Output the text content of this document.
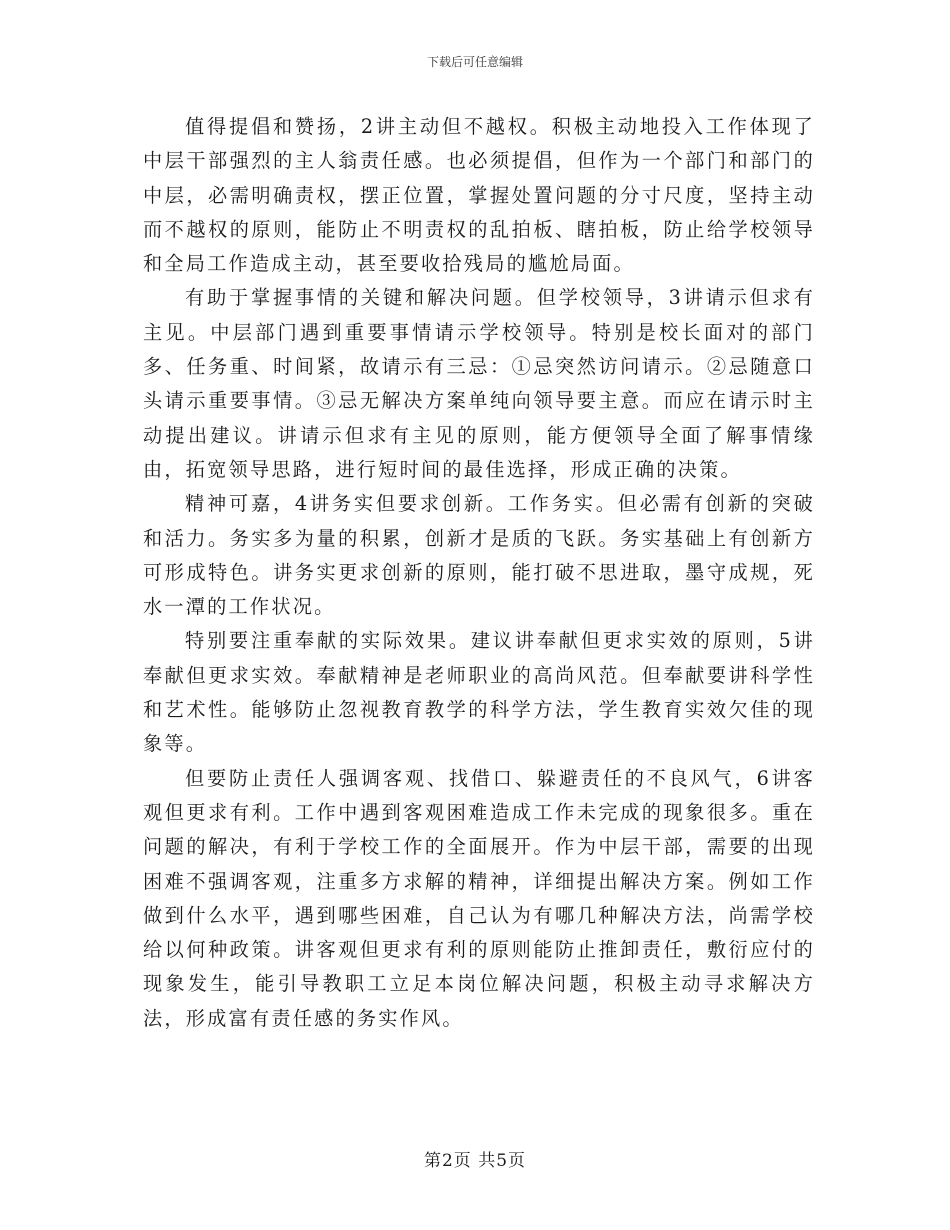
下载后可任意编辑

值得提倡和赞扬，2讲主动但不越权。积极主动地投入工作体现了中层干部强烈的主人翁责任感。也必须提倡，但作为一个部门和部门的中层，必需明确责权，摆正位置，掌握处置问题的分寸尺度，坚持主动而不越权的原则，能防止不明责权的乱拍板、瞎拍板，防止给学校领导和全局工作造成主动，甚至要收拾残局的尴尬局面。

有助于掌握事情的关键和解决问题。但学校领导，3讲请示但求有主见。中层部门遇到重要事情请示学校领导。特别是校长面对的部门多、任务重、时间紧，故请示有三忌：①忌突然访问请示。②忌随意口头请示重要事情。③忌无解决方案单纯向领导要主意。而应在请示时主动提出建议。讲请示但求有主见的原则，能方便领导全面了解事情缘由，拓宽领导思路，进行短时间的最佳选择，形成正确的决策。

精神可嘉，4讲务实但要求创新。工作务实。但必需有创新的突破和活力。务实多为量的积累，创新才是质的飞跃。务实基础上有创新方可形成特色。讲务实更求创新的原则，能打破不思进取，墨守成规，死水一潭的工作状况。

特别要注重奉献的实际效果。建议讲奉献但更求实效的原则，5讲奉献但更求实效。奉献精神是老师职业的高尚风范。但奉献要讲科学性和艺术性。能够防止忽视教育教学的科学方法，学生教育实效欠佳的现象等。

但要防止责任人强调客观、找借口、躲避责任的不良风气，6讲客观但更求有利。工作中遇到客观困难造成工作未完成的现象很多。重在问题的解决，有利于学校工作的全面展开。作为中层干部，需要的出现困难不强调客观，注重多方求解的精神，详细提出解决方案。例如工作做到什么水平，遇到哪些困难，自己认为有哪几种解决方法，尚需学校给以何种政策。讲客观但更求有利的原则能防止推卸责任，敷衍应付的现象发生，能引导教职工立足本岗位解决问题，积极主动寻求解决方法，形成富有责任感的务实作风。

第2页 共5页
